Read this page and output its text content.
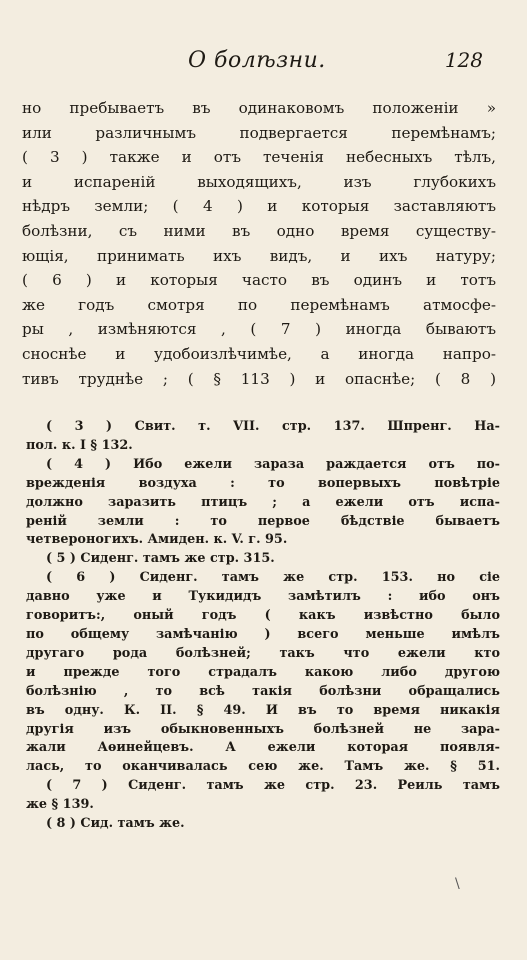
О болѣзни.	128
но пребываетъ въ одинаковомъ положеніи »
или различнымъ подвергается перемѣнамъ;
( 3 ) также и отъ теченія небесныхъ тѣлъ,
и испареній выходящихъ, изъ глубокихъ
нѣдръ земли; ( 4 ) и которыя заставляютъ
болѣзни, съ ними въ одно время существу-
ющія, принимать ихъ видъ, и ихъ натуру;
( 6 ) и которыя часто въ одинъ и тотъ
же годъ смотря по перемѣнамъ атмосфе-
ры , измѣняются , ( 7 ) иногда бываютъ
сноснѣе и удобоизлѣчимѣе, а иногда напро-
тивъ труднѣе ; ( § 113 ) и опаснѣе; ( 8 )
( 3 ) Свит. т. VII. стр. 137. Шпренг. На-
пол. к. I § 132.
( 4 ) Ибо ежели зараза раждается отъ по-
врежденія воздуха : то вопервыхъ повѣтріе
должно заразить птицъ ; а ежели отъ испа-
реній земли : то первое бѣдствіе бываетъ
четвероногихъ. Амиден. к. V. г. 95.
( 5 ) Сиденг. тамъ же стр. 315.
( 6 ) Сиденг. тамъ же стр. 153. но сіе
давно уже и Тукидидъ замѣтилъ : ибо онъ
говоритъ:, оный годъ ( какъ извѣстно было
по общему замѣчанію ) всего меньше имѣлъ
другаго рода болѣзней; такъ что ежели кто
и прежде того страдалъ какою либо другою
болѣзнію , то всѣ такія болѣзни обращались
въ одну. К. II. § 49. И въ то время никакія
другія изъ обыкновенныхъ болѣзней не зара-
жали Аѳинейцевъ. А ежели которая появля-
лась, то оканчивалась сею же. Тамъ же. § 51.
( 7 ) Сиденг. тамъ же стр. 23. Реиль тамъ
же § 139.
( 8 ) Сид. тамъ же.
\
